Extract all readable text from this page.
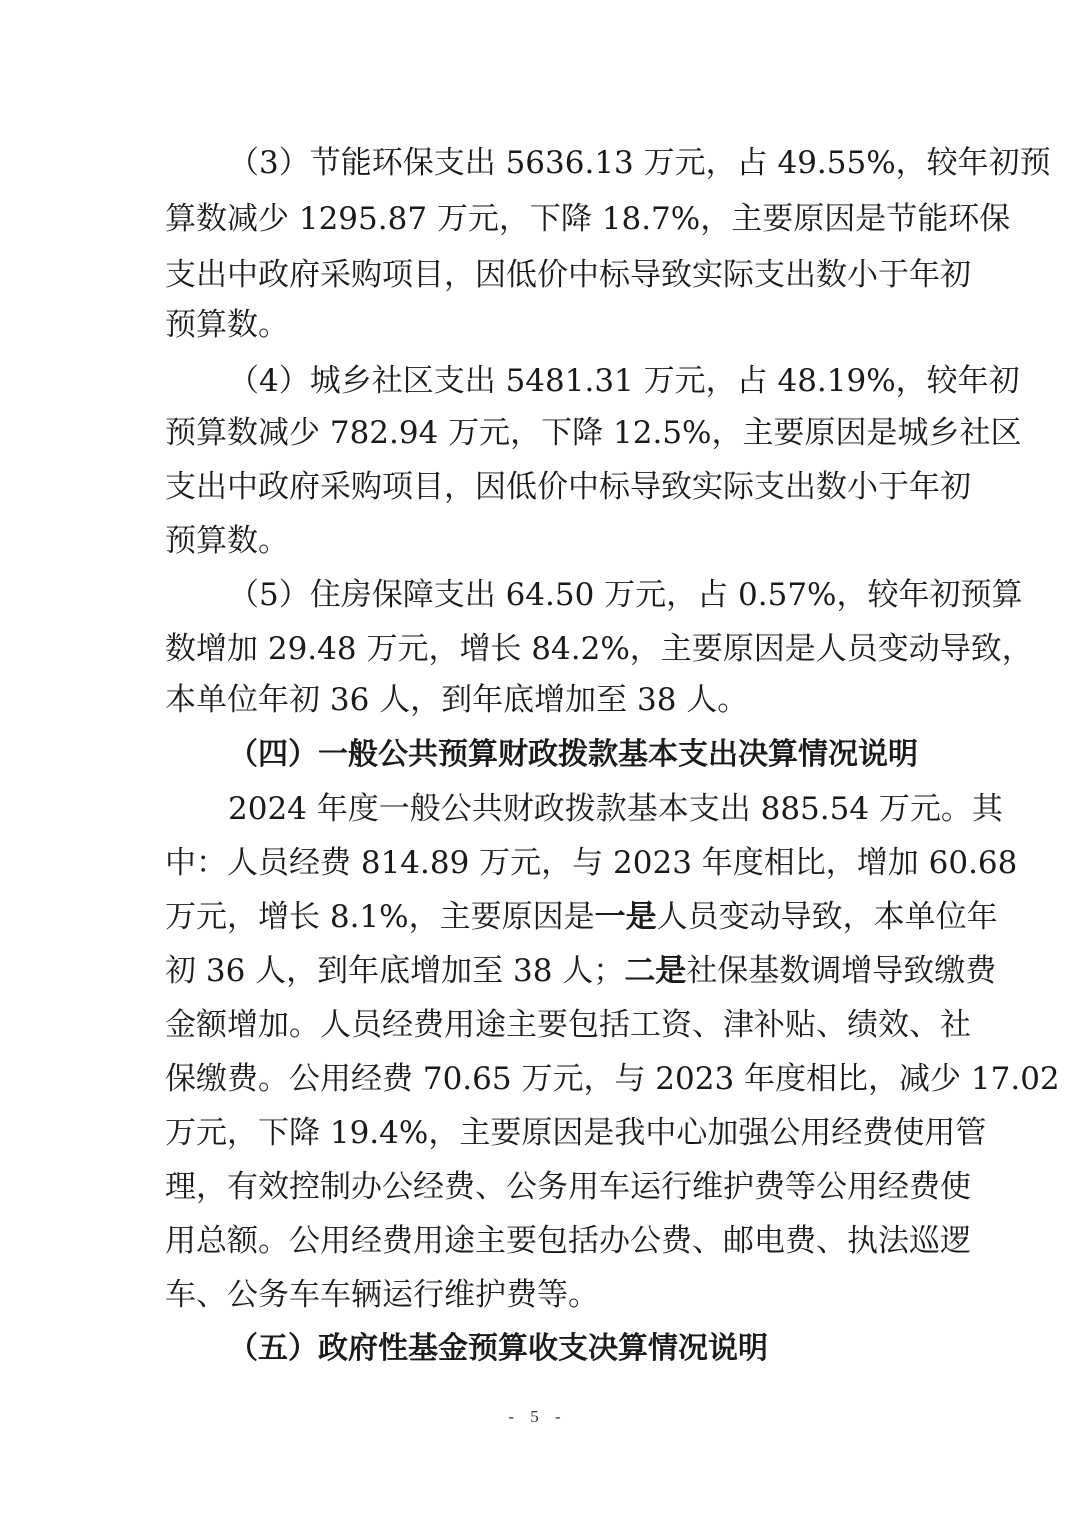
（3）节能环保支出 5636.13 万元，占 49.55%，较年初预
算数减少 1295.87 万元，下降 18.7%，主要原因是节能环保
支出中政府采购项目，因低价中标导致实际支出数小于年初
预算数。
（4）城乡社区支出 5481.31 万元，占 48.19%，较年初
预算数减少 782.94 万元，下降 12.5%，主要原因是城乡社区
支出中政府采购项目，因低价中标导致实际支出数小于年初
预算数。
（5）住房保障支出 64.50 万元，占 0.57%，较年初预算
数增加 29.48 万元，增长 84.2%，主要原因是人员变动导致，
本单位年初 36 人，到年底增加至 38 人。
（四）一般公共预算财政拨款基本支出决算情况说明
2024 年度一般公共财政拨款基本支出 885.54 万元。其
中：人员经费 814.89 万元，与 2023 年度相比，增加 60.68
万元，增长 8.1%，主要原因是一是人员变动导致，本单位年
初 36 人，到年底增加至 38 人；二是社保基数调增导致缴费
金额增加。人员经费用途主要包括工资、津补贴、绩效、社
保缴费。公用经费 70.65 万元，与 2023 年度相比，减少 17.02
万元，下降 19.4%，主要原因是我中心加强公用经费使用管
理，有效控制办公经费、公务用车运行维护费等公用经费使
用总额。公用经费用途主要包括办公费、邮电费、执法巡逻
车、公务车车辆运行维护费等。
（五）政府性基金预算收支决算情况说明
- 5 -
